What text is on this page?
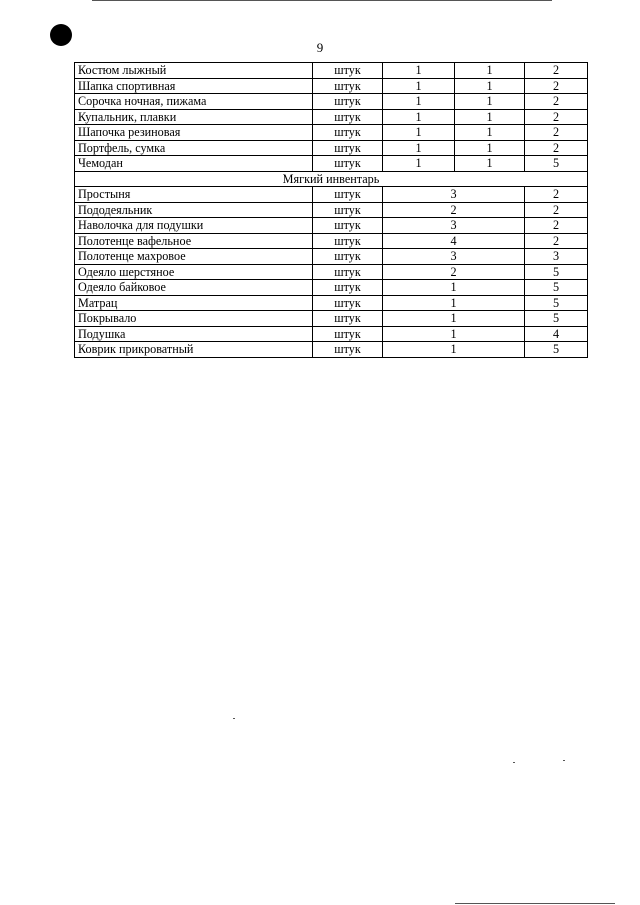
9
Костюм лыжный	штук	1	1	2
Шапка спортивная	штук	1	1	2
Сорочка ночная, пижама	штук	1	1	2
Купальник, плавки	штук	1	1	2
Шапочка резиновая	штук	1	1	2
Портфель, сумка	штук	1	1	2
Чемодан	штук	1	1	5
Мягкий инвентарь				
Простыня	штук	3		2
Пододеяльник	штук	2		2
Наволочка для подушки	штук	3		2
Полотенце вафельное	штук	4		2
Полотенце махровое	штук	3		3
Одеяло шерстяное	штук	2		5
Одеяло байковое	штук	1		5
Матрац	штук	1		5
Покрывало	штук	1		5
Подушка	штук	1		4
Коврик прикроватный	штук	1		5
